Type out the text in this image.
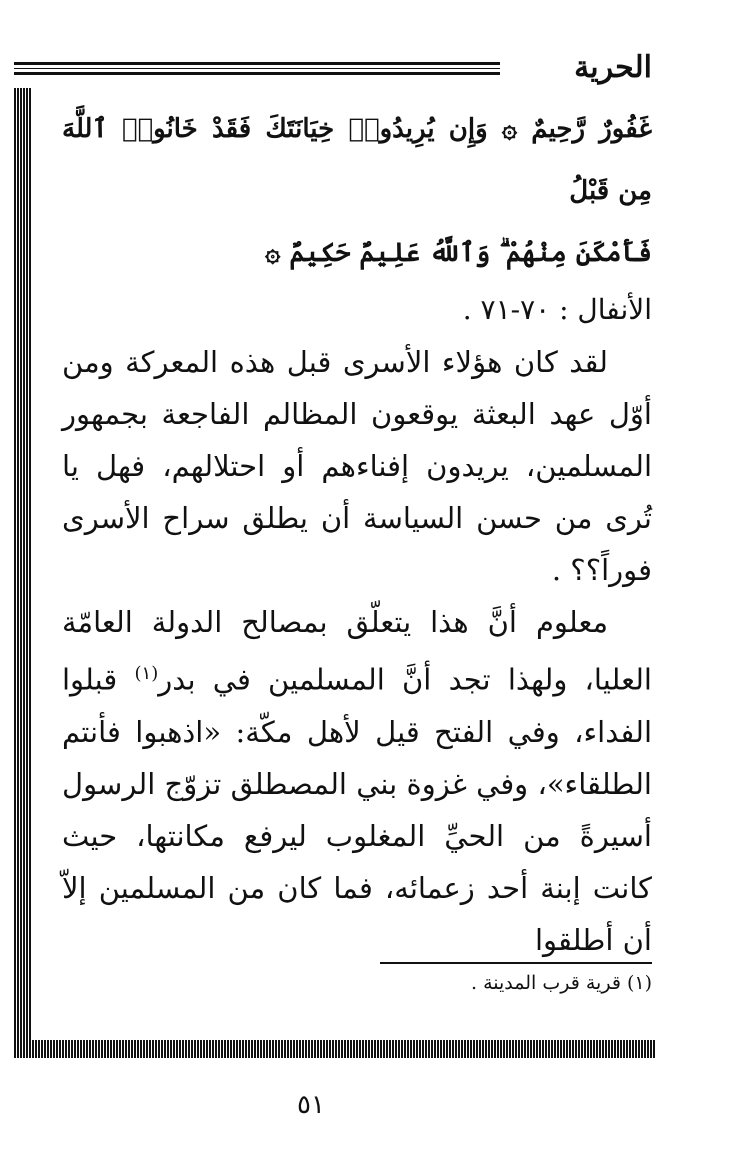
الحرية

غَفُورٌ رَّحِيمٌ ۞ وَإِن يُرِيدُوا۟ خِيَانَتَكَ فَقَدْ خَانُوا۟ ٱللَّهَ مِن قَبْلُ

فَأَمْكَنَ مِنْهُمْ ۗ وَٱللَّهُ عَلِيمٌ حَكِيمٌ ۞

الأنفال : ٧٠-٧١ .

لقد كان هؤلاء الأسرى قبل هذه المعركة ومن أوّل عهد البعثة يوقعون المظالم الفاجعة بجمهور المسلمين، يريدون إفناءهم أو احتلالهم، فهل يا تُرى من حسن السياسة أن يطلق سراح الأسرى فوراً؟؟ .

معلوم أنَّ هذا يتعلّق بمصالح الدولة العامّة العليا، ولهذا تجد أنَّ المسلمين في بدر$^{(١)}$ قبلوا الفداء، وفي الفتح قيل لأهل مكّة: «اذهبوا فأنتم الطلقاء»، وفي غزوة بني المصطلق تزوّج الرسول أسيرةً من الحيِّ المغلوب ليرفع مكانتها، حيث كانت إبنة أحد زعمائه، فما كان من المسلمين إلاّ أن أطلقوا

(١) قرية قرب المدينة .
٥١
